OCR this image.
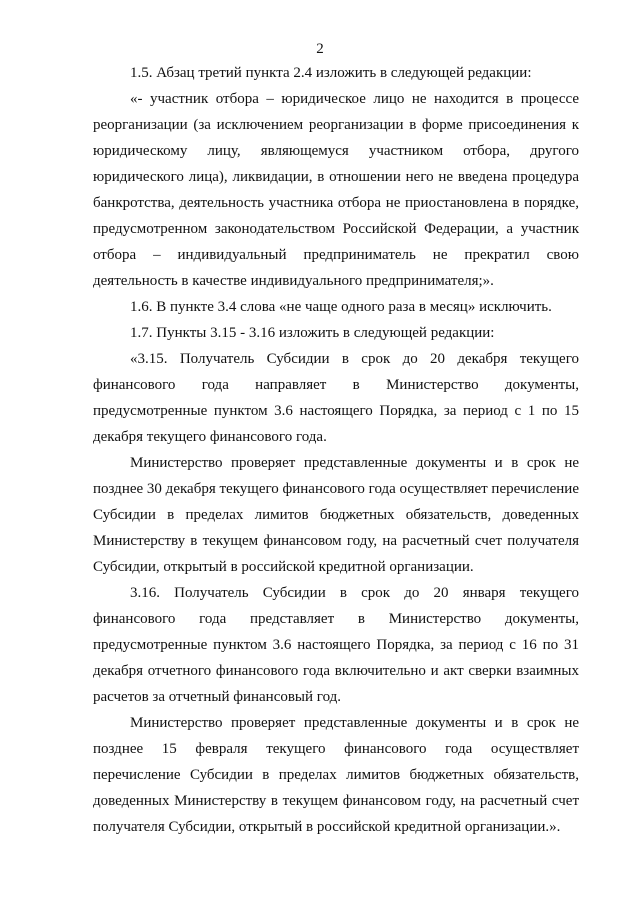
2

1.5. Абзац третий пункта 2.4 изложить в следующей редакции:

«- участник отбора – юридическое лицо не находится в процессе реорганизации (за исключением реорганизации в форме присоединения к юридическому лицу, являющемуся участником отбора, другого юридического лица), ликвидации, в отношении него не введена процедура банкротства, деятельность участника отбора не приостановлена в порядке, предусмотренном законодательством Российской Федерации, а участник отбора – индивидуальный предприниматель не прекратил свою деятельность в качестве индивидуального предпринимателя;».

1.6. В пункте 3.4 слова «не чаще одного раза в месяц» исключить.

1.7. Пункты 3.15 - 3.16 изложить в следующей редакции:

«3.15. Получатель Субсидии в срок до 20 декабря текущего финансового года направляет в Министерство документы, предусмотренные пунктом 3.6 настоящего Порядка, за период с 1 по 15 декабря текущего финансового года.

Министерство проверяет представленные документы и в срок не позднее 30 декабря текущего финансового года осуществляет перечисление Субсидии в пределах лимитов бюджетных обязательств, доведенных Министерству в текущем финансовом году, на расчетный счет получателя Субсидии, открытый в российской кредитной организации.

3.16. Получатель Субсидии в срок до 20 января текущего финансового года представляет в Министерство документы, предусмотренные пунктом 3.6 настоящего Порядка, за период с 16 по 31 декабря отчетного финансового года включительно и акт сверки взаимных расчетов за отчетный финансовый год.

Министерство проверяет представленные документы и в срок не позднее 15 февраля текущего финансового года осуществляет перечисление Субсидии в пределах лимитов бюджетных обязательств, доведенных Министерству в текущем финансовом году, на расчетный счет получателя Субсидии, открытый в российской кредитной организации.».
